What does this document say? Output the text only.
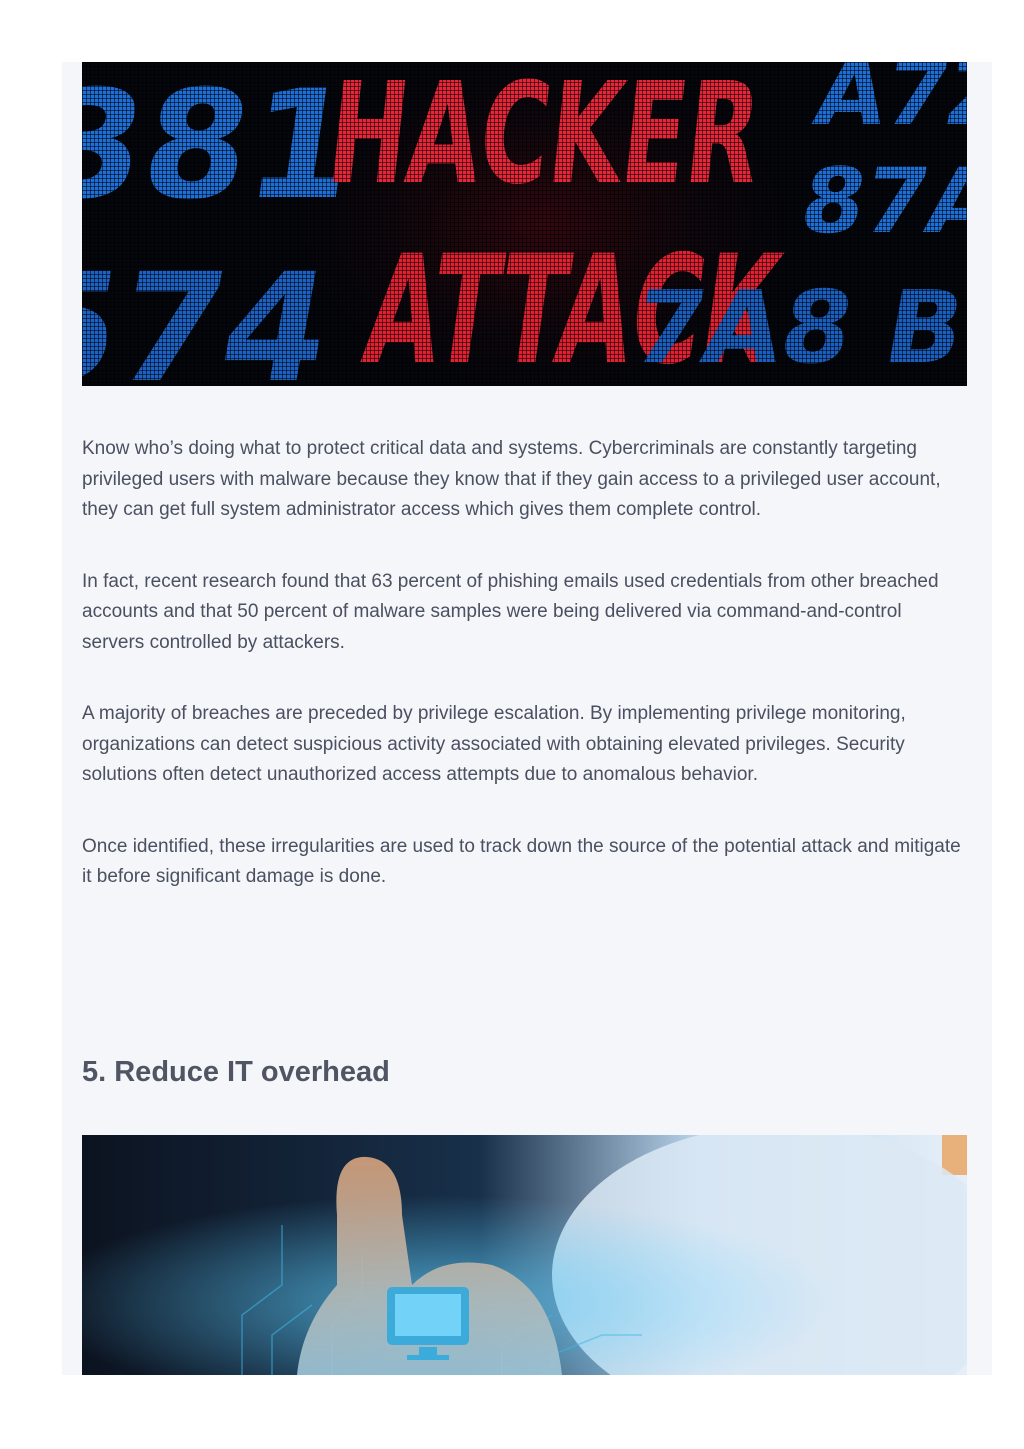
Know who’s doing what to protect critical data and systems. Cybercriminals are constantly targeting privileged users with malware because they know that if they gain access to a privileged user account, they can get full system administrator access which gives them complete control.

In fact, recent research found that 63 percent of phishing emails used credentials from other breached accounts and that 50 percent of malware samples were being delivered via command-and-control servers controlled by attackers.

A majority of breaches are preceded by privilege escalation. By implementing privilege monitoring, organizations can detect suspicious activity associated with obtaining elevated privileges. Security solutions often detect unauthorized access attempts due to anomalous behavior.

Once identified, these irregularities are used to track down the source of the potential attack and mitigate it before significant damage is done.

5. Reduce IT overhead
